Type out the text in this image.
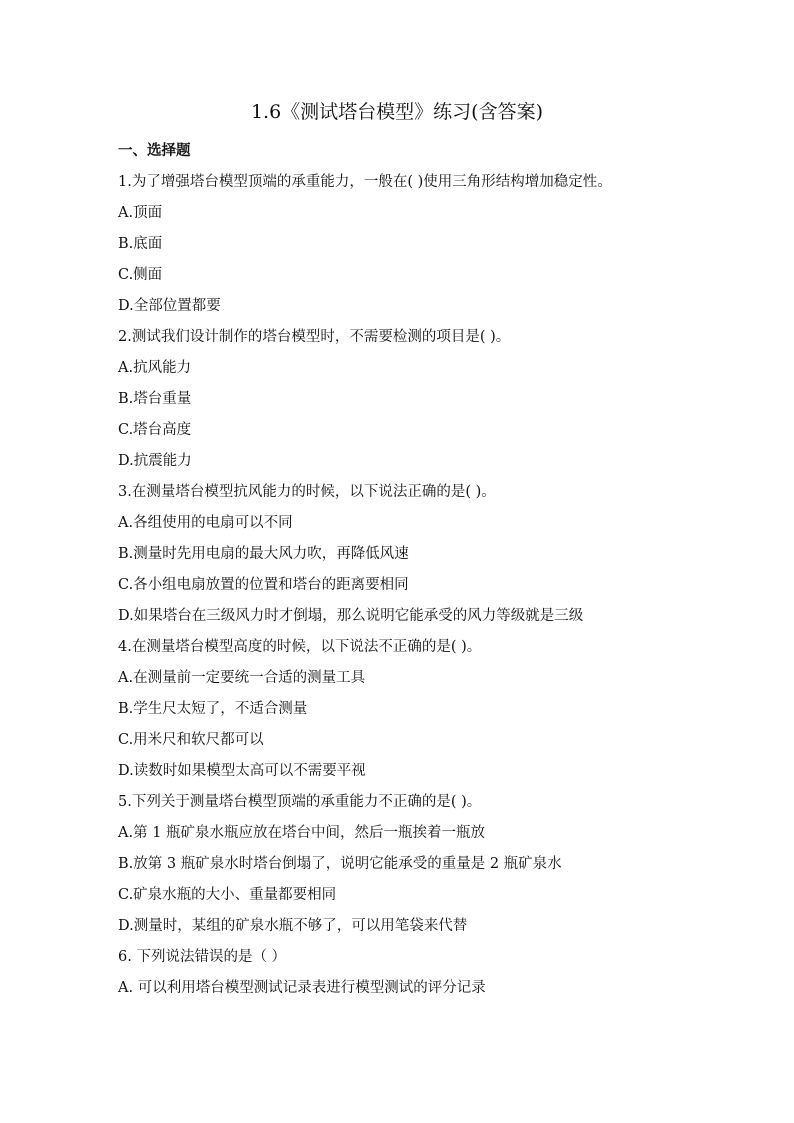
1.6《测试塔台模型》练习(含答案)
一、选择题
1.为了增强塔台模型顶端的承重能力，一般在( )使用三角形结构增加稳定性。
A.顶面
B.底面
C.侧面
D.全部位置都要
2.测试我们设计制作的塔台模型时，不需要检测的项目是( )。
A.抗风能力
B.塔台重量
C.塔台高度
D.抗震能力
3.在测量塔台模型抗风能力的时候，以下说法正确的是( )。
A.各组使用的电扇可以不同
B.测量时先用电扇的最大风力吹，再降低风速
C.各小组电扇放置的位置和塔台的距离要相同
D.如果塔台在三级风力时才倒塌，那么说明它能承受的风力等级就是三级
4.在测量塔台模型高度的时候，以下说法不正确的是( )。
A.在测量前一定要统一合适的测量工具
B.学生尺太短了，不适合测量
C.用米尺和软尺都可以
D.读数时如果模型太高可以不需要平视
5.下列关于测量塔台模型顶端的承重能力不正确的是( )。
A.第 1 瓶矿泉水瓶应放在塔台中间，然后一瓶挨着一瓶放
B.放第 3 瓶矿泉水时塔台倒塌了，说明它能承受的重量是 2 瓶矿泉水
C.矿泉水瓶的大小、重量都要相同
D.测量时，某组的矿泉水瓶不够了，可以用笔袋来代替
6. 下列说法错误的是（ ）
A. 可以利用塔台模型测试记录表进行模型测试的评分记录
